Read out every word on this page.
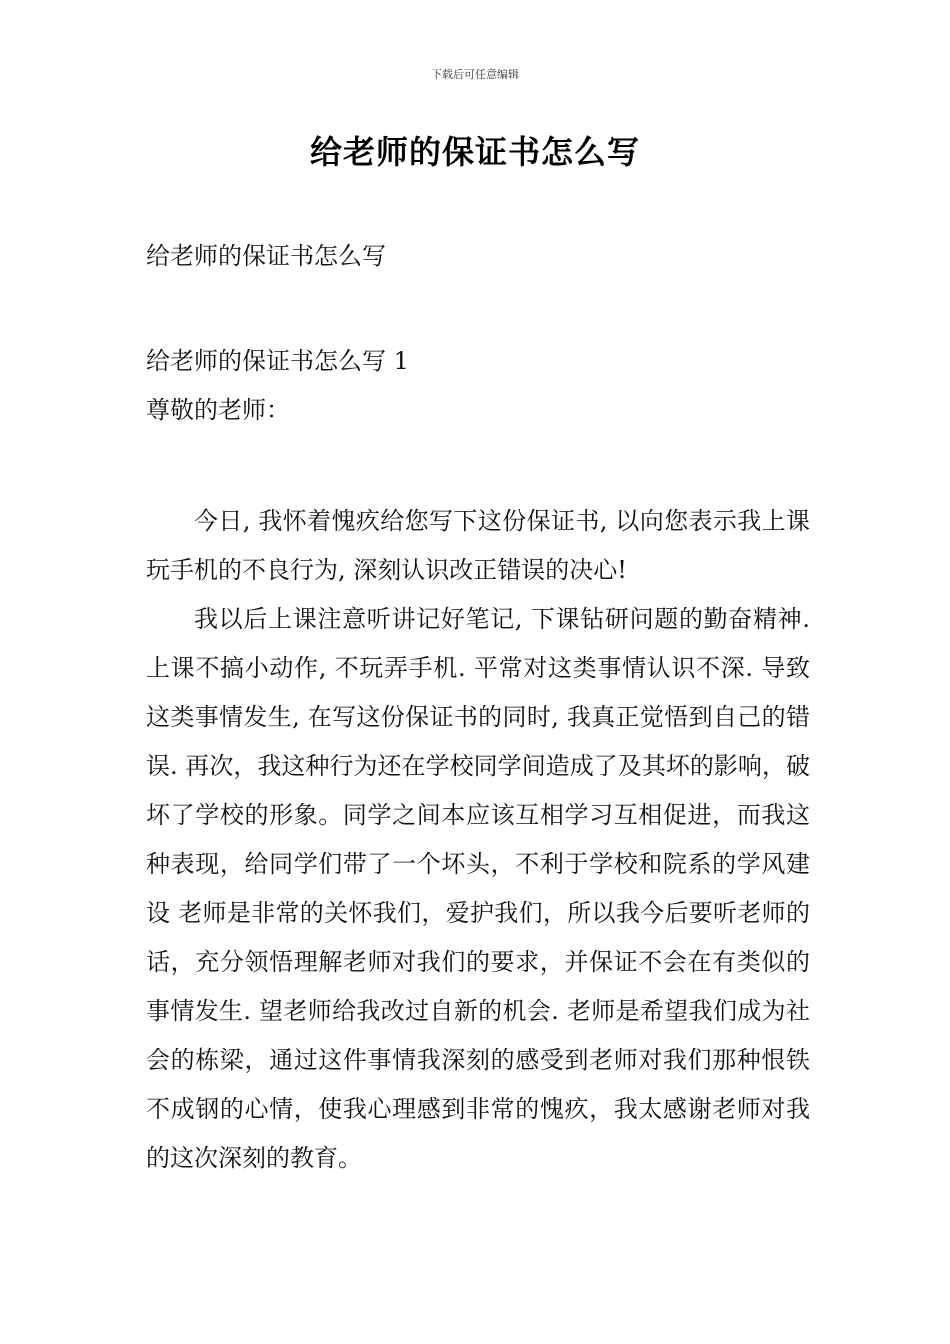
下载后可任意编辑
给老师的保证书怎么写

给老师的保证书怎么写

给老师的保证书怎么写 1

尊敬的老师：

今日, 我怀着愧疚给您写下这份保证书, 以向您表示我上课玩手机的不良行为, 深刻认识改正错误的决心!

我以后上课注意听讲记好笔记, 下课钻研问题的勤奋精神. 上课不搞小动作, 不玩弄手机. 平常对这类事情认识不深. 导致这类事情发生, 在写这份保证书的同时, 我真正觉悟到自己的错误. 再次，我这种行为还在学校同学间造成了及其坏的影响，破坏了学校的形象。同学之间本应该互相学习互相促进，而我这种表现，给同学们带了一个坏头，不利于学校和院系的学风建设 老师是非常的关怀我们，爱护我们，所以我今后要听老师的话，充分领悟理解老师对我们的要求，并保证不会在有类似的事情发生. 望老师给我改过自新的机会. 老师是希望我们成为社会的栋梁，通过这件事情我深刻的感受到老师对我们那种恨铁不成钢的心情，使我心理感到非常的愧疚，我太感谢老师对我的这次深刻的教育。
